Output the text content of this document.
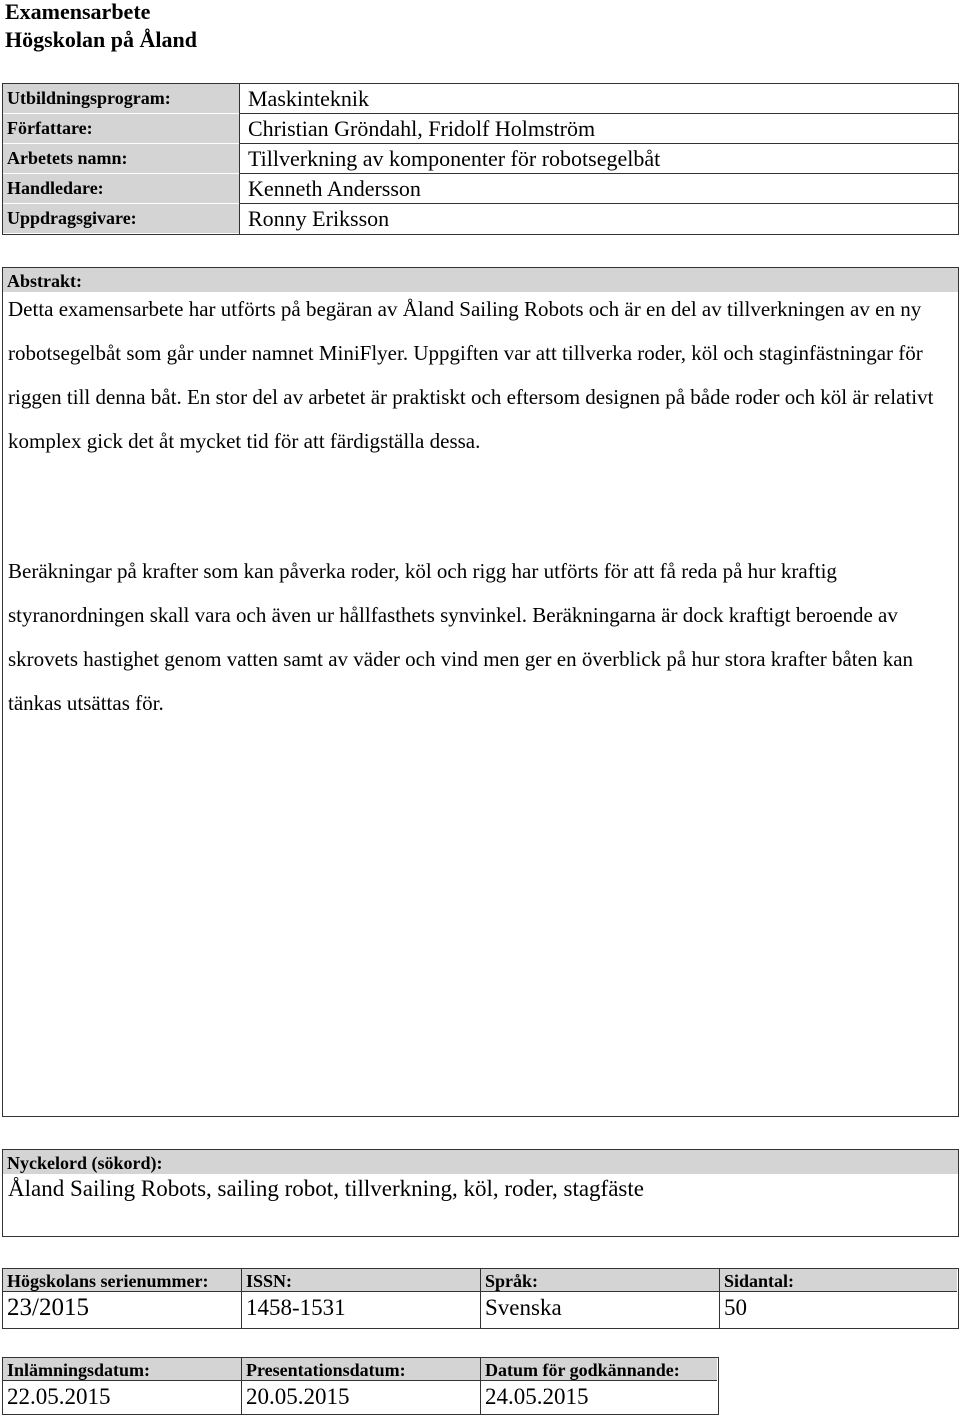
Examensarbete
Högskolan på Åland
Utbildningsprogram:	Maskinteknik
Författare:	Christian Gröndahl, Fridolf Holmström
Arbetets namn:	Tillverkning av komponenter för robotsegelbåt
Handledare:	Kenneth Andersson
Uppdragsgivare:	Ronny Eriksson
Abstrakt:
Detta examensarbete har utförts på begäran av Åland Sailing Robots och är en del av tillverkningen av en ny robotsegelbåt som går under namnet MiniFlyer. Uppgiften var att tillverka roder, köl och staginfästningar för riggen till denna båt. En stor del av arbetet är praktiskt och eftersom designen på både roder och köl är relativt komplex gick det åt mycket tid för att färdigställa dessa.
Beräkningar på krafter som kan påverka roder, köl och rigg har utförts för att få reda på hur kraftig styranordningen skall vara och även ur hållfasthets synvinkel. Beräkningarna är dock kraftigt beroende av skrovets hastighet genom vatten samt av väder och vind men ger en överblick på hur stora krafter båten kan tänkas utsättas för.
Nyckelord (sökord):
Åland Sailing Robots, sailing robot, tillverkning, köl, roder, stagfäste
Högskolans serienummer:
23/2015
ISSN:
1458-1531
Språk:
Svenska
Sidantal:
50
Inlämningsdatum:
22.05.2015
Presentationsdatum:
20.05.2015
Datum för godkännande:
24.05.2015
